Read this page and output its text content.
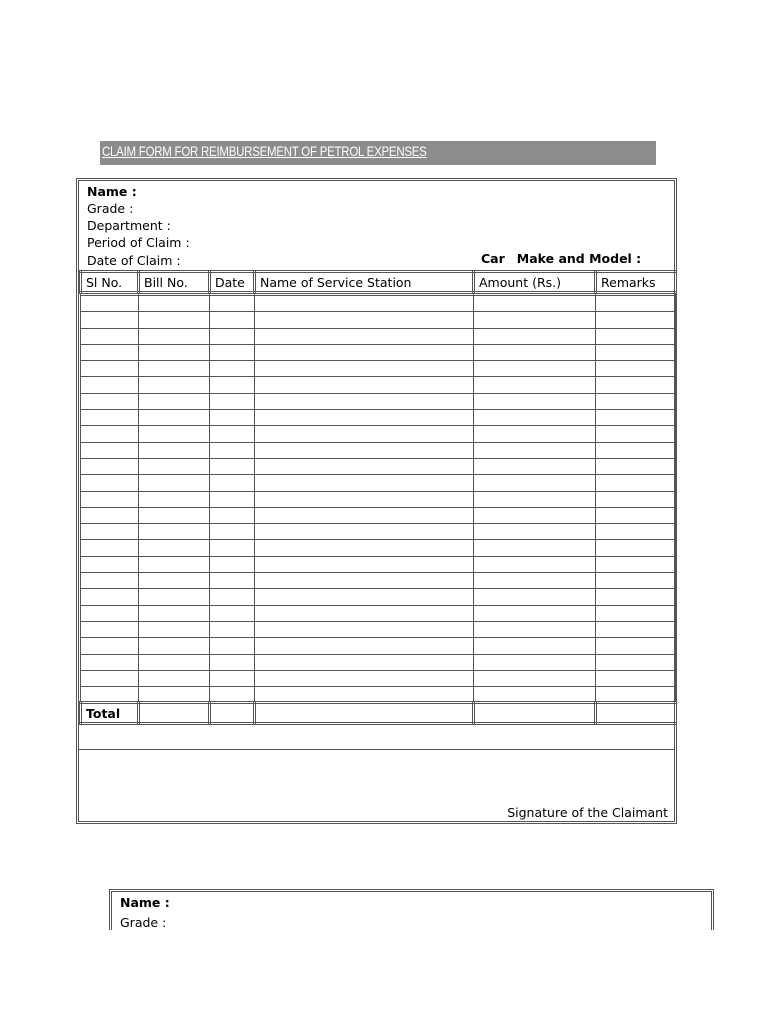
CLAIM FORM FOR REIMBURSEMENT OF PETROL EXPENSES
Name :
Grade :
Department :
Period of Claim :
Date of Claim :	Car Make and Model :
Sl No.	Bill No.	Date	Name of Service Station	Amount (Rs.)	Remarks

Total					
Signature of the Claimant
Name :
Grade :
